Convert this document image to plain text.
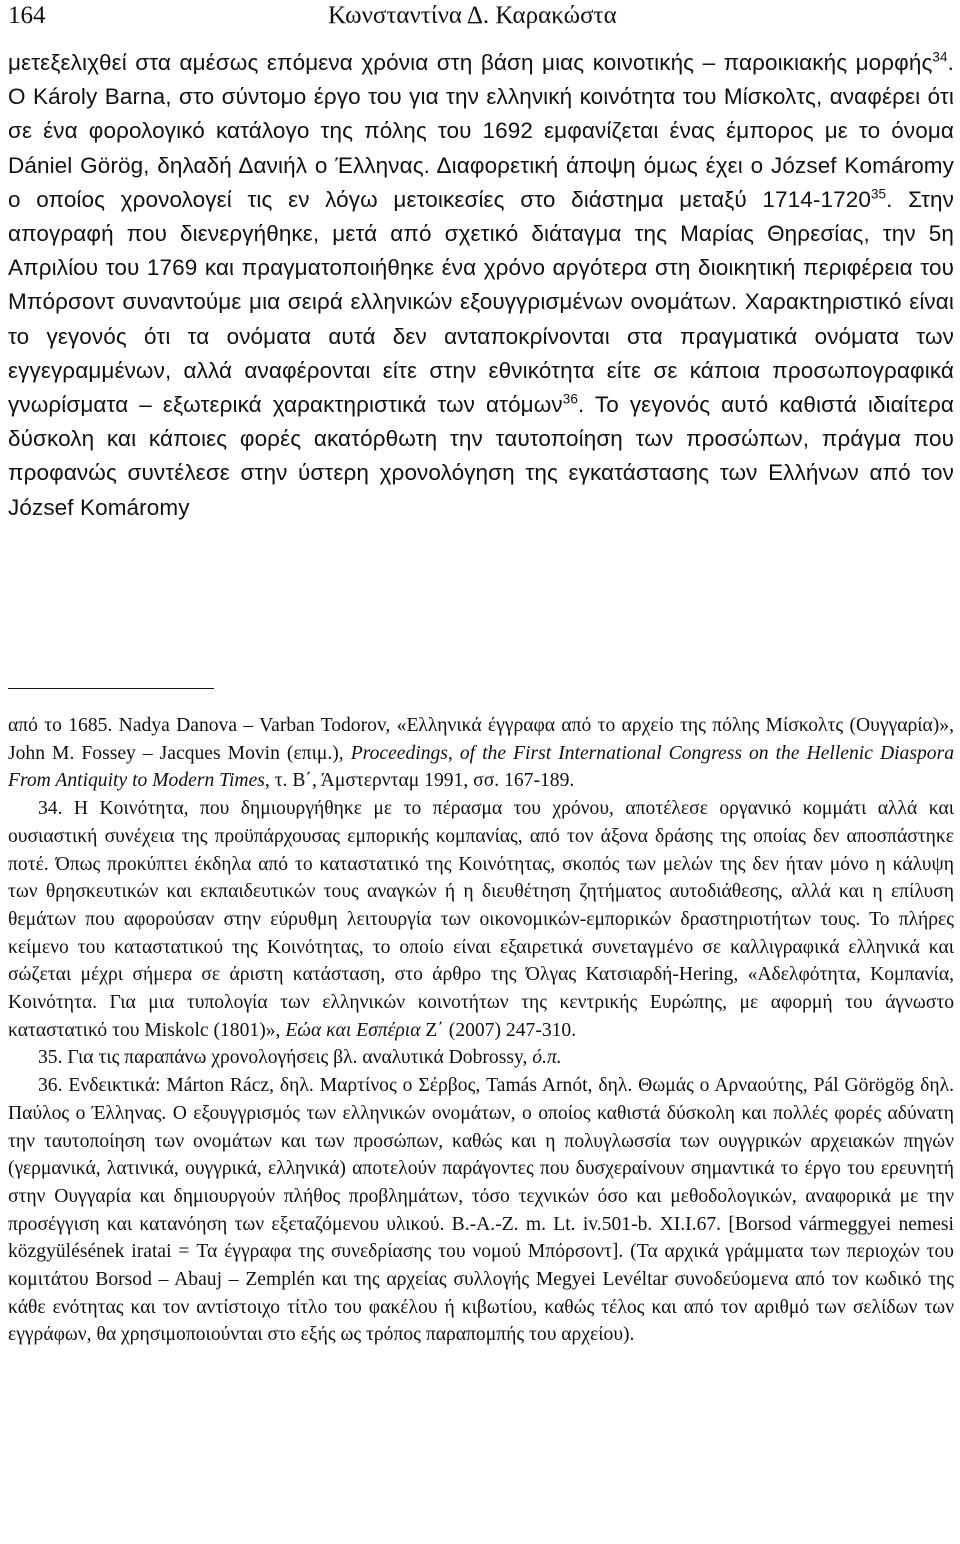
164	Κωνσταντίνα Δ. Καρακώστα

μετεξελιχθεί στα αμέσως επόμενα χρόνια στη βάση μιας κοινοτικής – παροικιακής μορφής$^{34}$. Ο Károly Barna, στο σύντομο έργο του για την ελληνική κοινότητα του Μίσκολτς, αναφέρει ότι σε ένα φορολογικό κατάλογο της πόλης του 1692 εμφανίζεται ένας έμπορος με το όνομα Dániel Görög, δηλαδή Δανιήλ ο Έλληνας. Διαφορετική άποψη όμως έχει ο József Komáromy ο οποίος χρονολογεί τις εν λόγω μετοικεσίες στο διάστημα μεταξύ 1714-1720$^{35}$. Στην απογραφή που διενεργήθηκε, μετά από σχετικό διάταγμα της Μαρίας Θηρεσίας, την 5η Απριλίου του 1769 και πραγματοποιήθηκε ένα χρόνο αργότερα στη διοικητική περιφέρεια του Μπόρσοντ συναντούμε μια σειρά ελληνικών εξουγγρισμένων ονομάτων. Χαρακτηριστικό είναι το γεγονός ότι τα ονόματα αυτά δεν ανταποκρίνονται στα πραγματικά ονόματα των εγγεγραμμένων, αλλά αναφέρονται είτε στην εθνικότητα είτε σε κάποια προσωπογραφικά γνωρίσματα – εξωτερικά χαρακτηριστικά των ατόμων$^{36}$. Το γεγονός αυτό καθιστά ιδιαίτερα δύσκολη και κάποιες φορές ακατόρθωτη την ταυτοποίηση των προσώπων, πράγμα που προφανώς συντέλεσε στην ύστερη χρονολόγηση της εγκατάστασης των Ελλήνων από τον József Komáromy

από το 1685. Nadya Danova – Varban Todorov, «Ελληνικά έγγραφα από το αρχείο της πόλης Μίσκολτς (Ουγγαρία)», John M. Fossey – Jacques Movin (επιμ.), Proceedings, of the First International Congress on the Hellenic Diaspora From Antiquity to Modern Times, τ. Β΄, Άμστερνταμ 1991, σσ. 167-189.

34. Η Κοινότητα, που δημιουργήθηκε με το πέρασμα του χρόνου, αποτέλεσε οργανικό κομμάτι αλλά και ουσιαστική συνέχεια της προϋπάρχουσας εμπορικής κομπανίας, από τον άξονα δράσης της οποίας δεν αποσπάστηκε ποτέ. Όπως προκύπτει έκδηλα από το καταστατικό της Κοινότητας, σκοπός των μελών της δεν ήταν μόνο η κάλυψη των θρησκευτικών και εκπαιδευτικών τους αναγκών ή η διευθέτηση ζητήματος αυτοδιάθεσης, αλλά και η επίλυση θεμάτων που αφορούσαν στην εύρυθμη λειτουργία των οικονομικών-εμπορικών δραστηριοτήτων τους. Το πλήρες κείμενο του καταστατικού της Κοινότητας, το οποίο είναι εξαιρετικά συνεταγμένο σε καλλιγραφικά ελληνικά και σώζεται μέχρι σήμερα σε άριστη κατάσταση, στο άρθρο της Όλγας Κατσιαρδή-Hering, «Αδελφότητα, Κομπανία, Κοινότητα. Για μια τυπολογία των ελληνικών κοινοτήτων της κεντρικής Ευρώπης, με αφορμή του άγνωστο καταστατικό του Miskolc (1801)», Εώα και Εσπέρια Ζ΄ (2007) 247-310.

35. Για τις παραπάνω χρονολογήσεις βλ. αναλυτικά Dobrossy, ό.π.

36. Ενδεικτικά: Márton Rácz, δηλ. Μαρτίνος ο Σέρβος, Tamás Arnót, δηλ. Θωμάς ο Αρναούτης, Pál Görögög δηλ. Παύλος ο Έλληνας. Ο εξουγγρισμός των ελληνικών ονομάτων, ο οποίος καθιστά δύσκολη και πολλές φορές αδύνατη την ταυτοποίηση των ονομάτων και των προσώπων, καθώς και η πολυγλωσσία των ουγγρικών αρχειακών πηγών (γερμανικά, λατινικά, ουγγρικά, ελληνικά) αποτελούν παράγοντες που δυσχεραίνουν σημαντικά το έργο του ερευνητή στην Ουγγαρία και δημιουργούν πλήθος προβλημάτων, τόσο τεχνικών όσο και μεθοδολογικών, αναφορικά με την προσέγγιση και κατανόηση των εξεταζόμενου υλικού. B.-A.-Z. m. Lt. iv.501-b. XI.I.67. [Borsod vármeggyei nemesi közgyülésének iratai = Τα έγγραφα της συνεδρίασης του νομού Μπόρσοντ]. (Τα αρχικά γράμματα των περιοχών του κομιτάτου Borsod – Abauj – Zemplén και της αρχείας συλλογής Megyei Levéltar συνοδεύομενα από τον κωδικό της κάθε ενότητας και τον αντίστοιχο τίτλο του φακέλου ή κιβωτίου, καθώς τέλος και από τον αριθμό των σελίδων των εγγράφων, θα χρησιμοποιούνται στο εξής ως τρόπος παραπομπής του αρχείου).
